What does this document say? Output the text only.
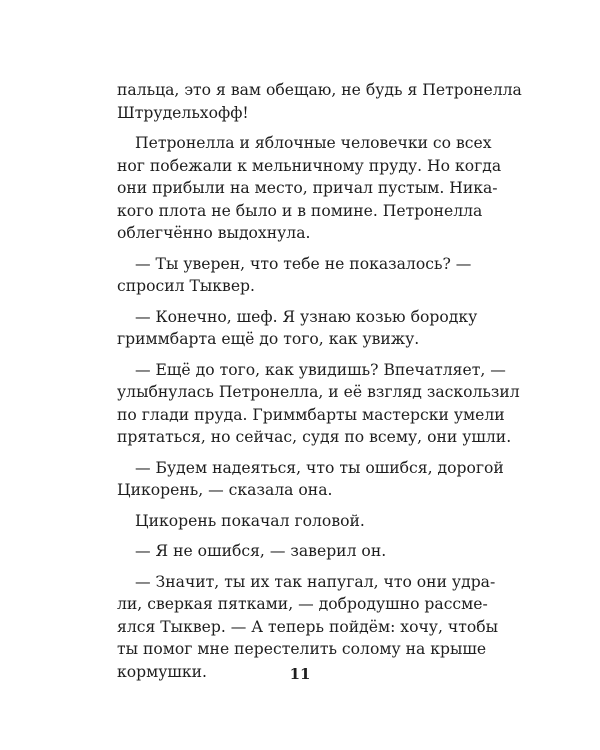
пальца, это я вам обещаю, не будь я Петронелла
Штрудельхофф!
Петронелла и яблочные человечки со всех
ног побежали к мельничному пруду. Но когда
они прибыли на место, причал пустым. Ника-
кого плота не было и в помине. Петронелла
облегчённо выдохнула.
— Ты уверен, что тебе не показалось? —
спросил Тыквер.
— Конечно, шеф. Я узнаю козью бородку
гриммбарта ещё до того, как увижу.
— Ещё до того, как увидишь? Впечатляет, —
улыбнулась Петронелла, и её взгляд заскользил
по глади пруда. Гриммбарты мастерски умели
прятаться, но сейчас, судя по всему, они ушли.
— Будем надеяться, что ты ошибся, дорогой
Цикорень, — сказала она.
Цикорень покачал головой.
— Я не ошибся, — заверил он.
— Значит, ты их так напугал, что они удра-
ли, сверкая пятками, — добродушно рассме-
ялся Тыквер. — А теперь пойдём: хочу, чтобы
ты помог мне перестелить солому на крыше
кормушки.	11
